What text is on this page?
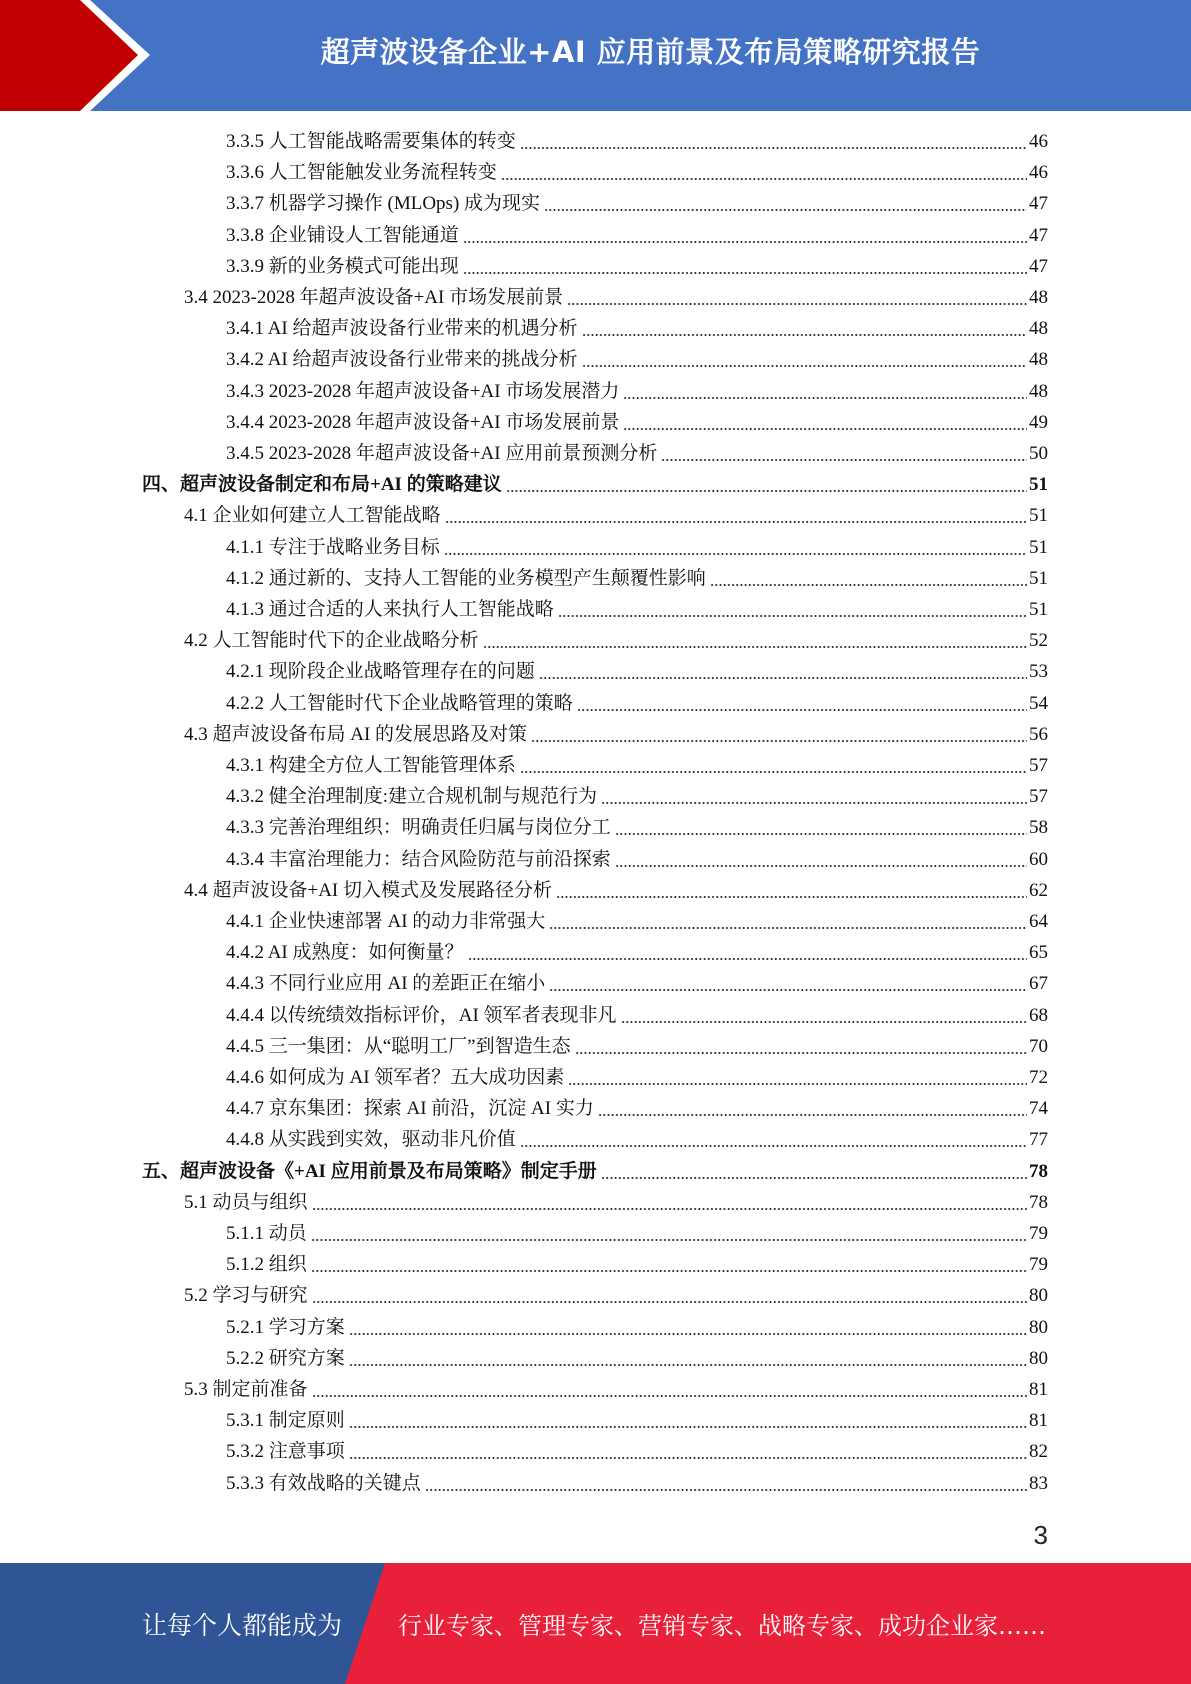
超声波设备企业+AI 应用前景及布局策略研究报告
3.3.5 人工智能战略需要集体的转变	46
3.3.6 人工智能触发业务流程转变	46
3.3.7 机器学习操作 (MLOps) 成为现实	47
3.3.8 企业铺设人工智能通道	47
3.3.9 新的业务模式可能出现	47
3.4 2023-2028 年超声波设备+AI 市场发展前景	48
3.4.1 AI 给超声波设备行业带来的机遇分析	48
3.4.2 AI 给超声波设备行业带来的挑战分析	48
3.4.3 2023-2028 年超声波设备+AI 市场发展潜力	48
3.4.4 2023-2028 年超声波设备+AI 市场发展前景	49
3.4.5 2023-2028 年超声波设备+AI 应用前景预测分析	50
四、超声波设备制定和布局+AI 的策略建议	51
4.1 企业如何建立人工智能战略	51
4.1.1 专注于战略业务目标	51
4.1.2 通过新的、支持人工智能的业务模型产生颠覆性影响	51
4.1.3 通过合适的人来执行人工智能战略	51
4.2 人工智能时代下的企业战略分析	52
4.2.1 现阶段企业战略管理存在的问题	53
4.2.2 人工智能时代下企业战略管理的策略	54
4.3 超声波设备布局 AI 的发展思路及对策	56
4.3.1 构建全方位人工智能管理体系	57
4.3.2 健全治理制度:建立合规机制与规范行为	57
4.3.3 完善治理组织：明确责任归属与岗位分工	58
4.3.4 丰富治理能力：结合风险防范与前沿探索	60
4.4 超声波设备+AI 切入模式及发展路径分析	62
4.4.1 企业快速部署 AI 的动力非常强大	64
4.4.2 AI 成熟度：如何衡量？	65
4.4.3 不同行业应用 AI 的差距正在缩小	67
4.4.4 以传统绩效指标评价，AI 领军者表现非凡	68
4.4.5 三一集团：从“聪明工厂”到智造生态	70
4.4.6 如何成为 AI 领军者？五大成功因素	72
4.4.7 京东集团：探索 AI 前沿，沉淀 AI 实力	74
4.4.8 从实践到实效，驱动非凡价值	77
五、超声波设备《+AI 应用前景及布局策略》制定手册	78
5.1 动员与组织	78
5.1.1 动员	79
5.1.2 组织	79
5.2 学习与研究	80
5.2.1 学习方案	80
5.2.2 研究方案	80
5.3 制定前准备	81
5.3.1 制定原则	81
5.3.2 注意事项	82
5.3.3 有效战略的关键点	83
3
让每个人都能成为 行业专家、管理专家、营销专家、战略专家、成功企业家……
